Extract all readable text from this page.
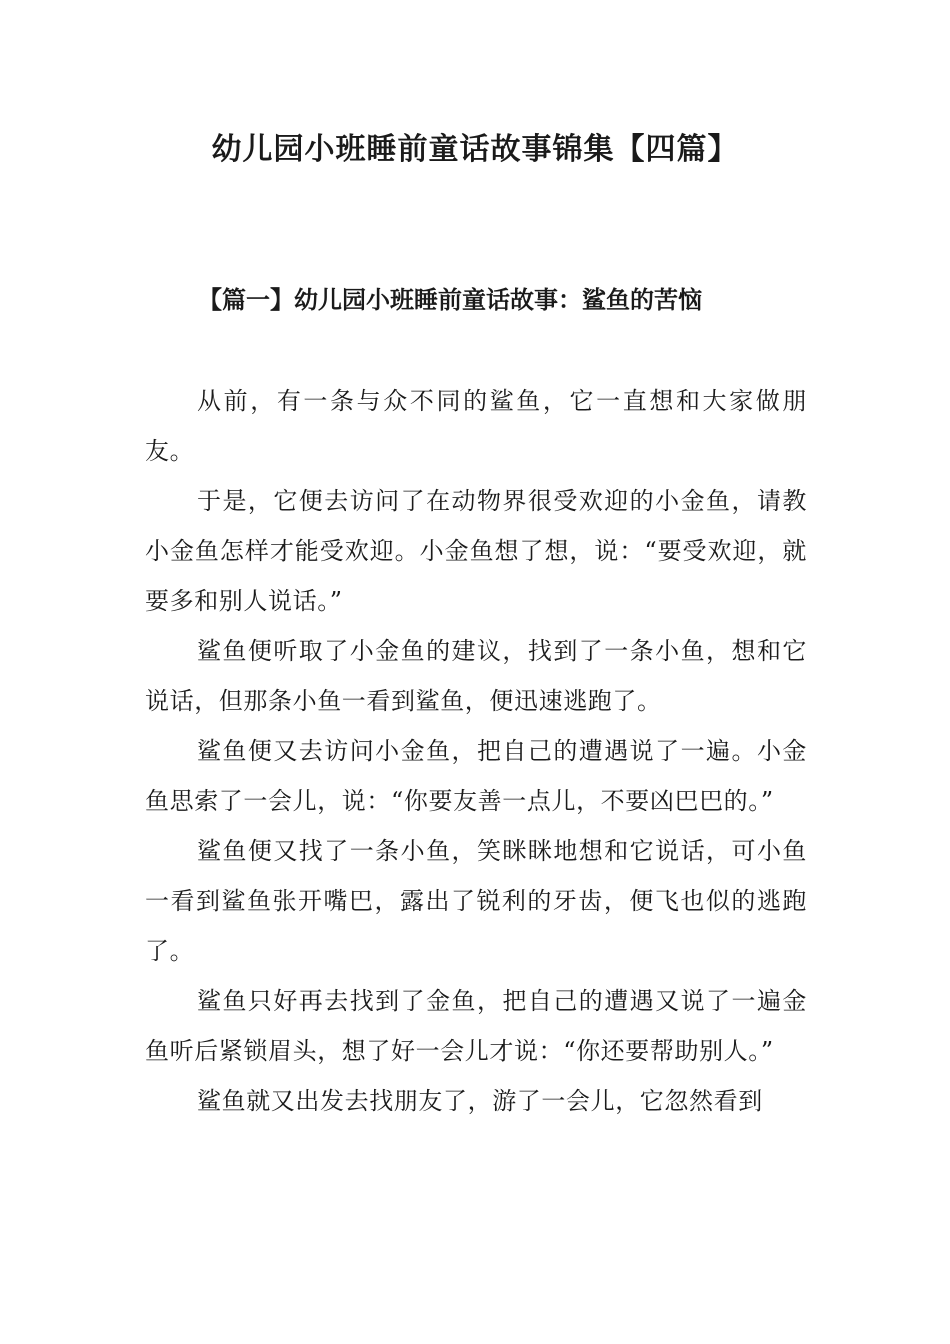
幼儿园小班睡前童话故事锦集【四篇】
【篇一】幼儿园小班睡前童话故事：鲨鱼的苦恼

从前，有一条与众不同的鲨鱼，它一直想和大家做朋友。

于是，它便去访问了在动物界很受欢迎的小金鱼，请教小金鱼怎样才能受欢迎。小金鱼想了想，说：“要受欢迎，就要多和别人说话。”

鲨鱼便听取了小金鱼的建议，找到了一条小鱼，想和它说话，但那条小鱼一看到鲨鱼，便迅速逃跑了。

鲨鱼便又去访问小金鱼，把自己的遭遇说了一遍。小金鱼思索了一会儿，说：“你要友善一点儿，不要凶巴巴的。”

鲨鱼便又找了一条小鱼，笑眯眯地想和它说话，可小鱼一看到鲨鱼张开嘴巴，露出了锐利的牙齿，便飞也似的逃跑了。

鲨鱼只好再去找到了金鱼，把自己的遭遇又说了一遍金鱼听后紧锁眉头，想了好一会儿才说：“你还要帮助别人。”

鲨鱼就又出发去找朋友了，游了一会儿，它忽然看到
